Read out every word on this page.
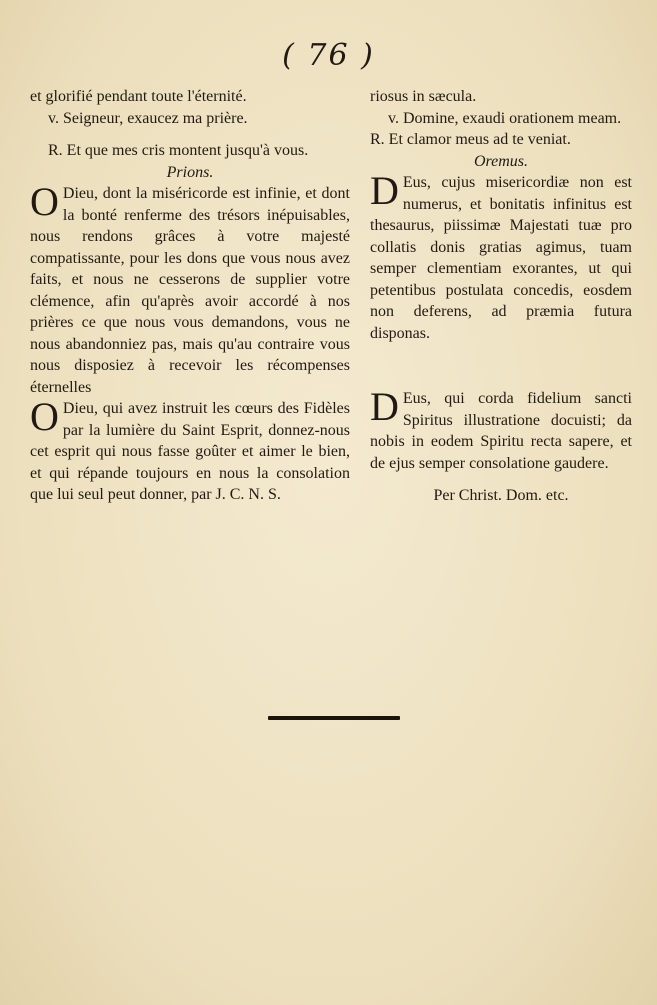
( 76 )

et glorifié pendant toute l'éternité.

v. Seigneur, exaucez ma prière.

R. Et que mes cris montent jusqu'à vous.

Prions.

O Dieu, dont la miséricorde est infinie, et dont la bonté renferme des trésors inépuisables, nous rendons grâces à votre majesté compatissante, pour les dons que vous nous avez faits, et nous ne cesserons de supplier votre clémence, afin qu'après avoir accordé à nos prières ce que nous vous demandons, vous ne nous abandonniez pas, mais qu'au contraire vous nous disposiez à recevoir les récompenses éternelles

O Dieu, qui avez instruit les cœurs des Fidèles par la lumière du Saint Esprit, donnez-nous cet esprit qui nous fasse goûter et aimer le bien, et qui répande toujours en nous la consolation que lui seul peut donner, par J. C. N. S.

riosus in sæcula.

v. Domine, exaudi orationem meam.

R. Et clamor meus ad te veniat.

Oremus.

D Eus, cujus misericordiæ non est numerus, et bonitatis infinitus est thesaurus, piissimæ Majestati tuæ pro collatis donis gratias agimus, tuam semper clementiam exorantes, ut qui petentibus postulata concedis, eosdem non deferens, ad præmia futura disponas.

D Eus, qui corda fidelium sancti Spiritus illustratione docuisti; da nobis in eodem Spiritu recta sapere, et de ejus semper consolatione gaudere.

Per Christ. Dom. etc.
